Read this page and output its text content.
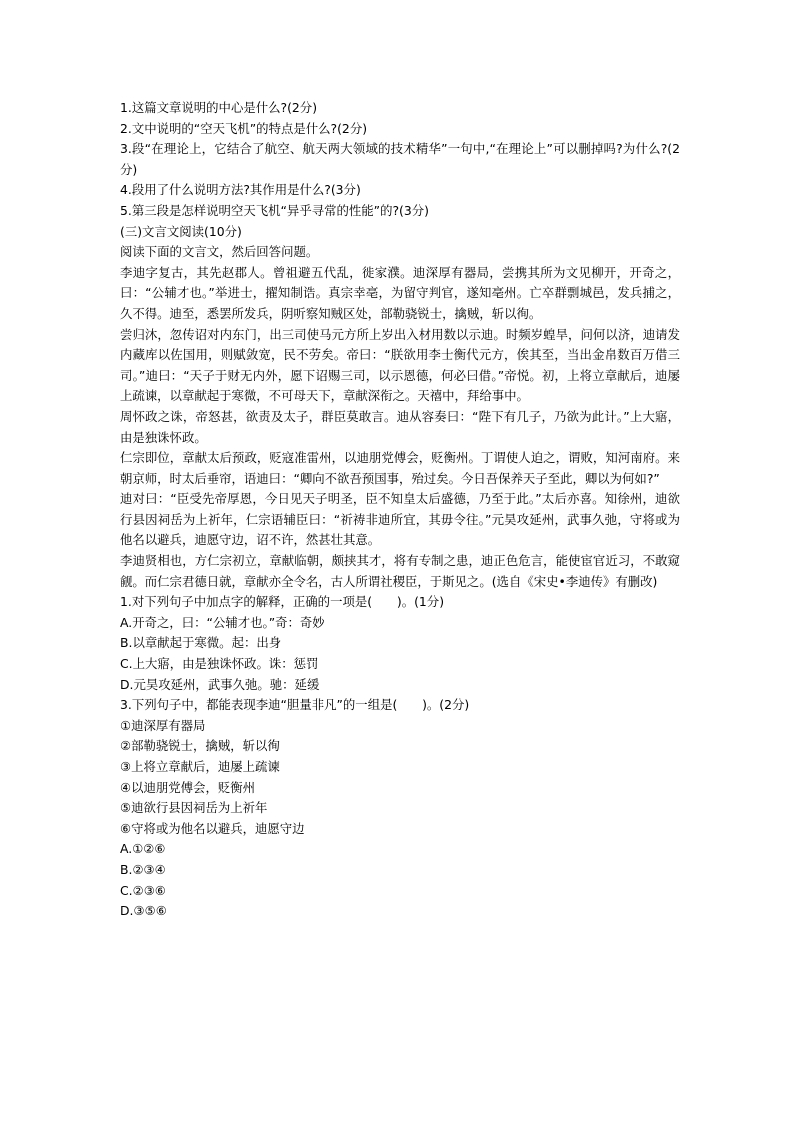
1.这篇文章说明的中心是什么?(2分)

2.文中说明的“空天飞机”的特点是什么?(2分)

3.段“在理论上，它结合了航空、航天两大领域的技术精华”一句中,“在理论上”可以删掉吗?为什么?(2分)

4.段用了什么说明方法?其作用是什么?(3分)

5.第三段是怎样说明空天飞机“异乎寻常的性能”的?(3分)

(三)文言文阅读(10分)

阅读下面的文言文，然后回答问题。

李迪字复古，其先赵郡人。曾祖避五代乱，徙家濮。迪深厚有器局，尝携其所为文见柳开，开奇之，曰：“公辅才也。”举进士，擢知制诰。真宗幸亳，为留守判官，遂知亳州。亡卒群剽城邑，发兵捕之，久不得。迪至，悉罢所发兵，阴听察知贼区处，部勒骁锐士，擒贼，斩以徇。

尝归沐，忽传诏对内东门，出三司使马元方所上岁出入材用数以示迪。时频岁蝗旱，问何以济，迪请发内藏库以佐国用，则赋敛宽，民不劳矣。帝曰：“朕欲用李士衡代元方，俟其至，当出金帛数百万借三司。”迪曰：“天子于财无内外，愿下诏赐三司，以示恩德，何必曰借。”帝悦。初，上将立章献后，迪屡上疏谏，以章献起于寒微，不可母天下，章献深衔之。天禧中，拜给事中。

周怀政之诛，帝怒甚，欲责及太子，群臣莫敢言。迪从容奏曰：“陛下有几子，乃欲为此计。”上大寤，由是独诛怀政。

仁宗即位，章献太后预政，贬寇准雷州，以迪朋党傅会，贬衡州。丁谓使人迫之，谓败，知河南府。来朝京师，时太后垂帘，语迪曰：“卿向不欲吾预国事，殆过矣。今日吾保养天子至此，卿以为何如?”

迪对曰：“臣受先帝厚恩，今日见天子明圣，臣不知皇太后盛德，乃至于此。”太后亦喜。知徐州，迪欲行县因祠岳为上祈年，仁宗语辅臣曰：“祈祷非迪所宜，其毋令往。”元昊攻延州，武事久弛，守将或为他名以避兵，迪愿守边，诏不许，然甚壮其意。

李迪贤相也，方仁宗初立，章献临朝，颇挟其才，将有专制之患，迪正色危言，能使宦官近习，不敢窥觎。而仁宗君德日就，章献亦全令名，古人所谓社稷臣，于斯见之。(选自《宋史•李迪传》有删改)

1.对下列句子中加点字的解释，正确的一项是(　　)。(1分)

A.开奇之，曰：“公辅才也。”奇：奇妙

B.以章献起于寒微。起：出身

C.上大寤，由是独诛怀政。诛：惩罚

D.元昊攻延州，武事久弛。驰：延缓

3.下列句子中，都能表现李迪“胆量非凡”的一组是(　　)。(2分)

①迪深厚有器局

②部勒骁锐士，擒贼，斩以徇

③上将立章献后，迪屡上疏谏

④以迪朋党傅会，贬衡州

⑤迪欲行县因祠岳为上祈年

⑥守将或为他名以避兵，迪愿守边

A.①②⑥

B.②③④

C.②③⑥

D.③⑤⑥
